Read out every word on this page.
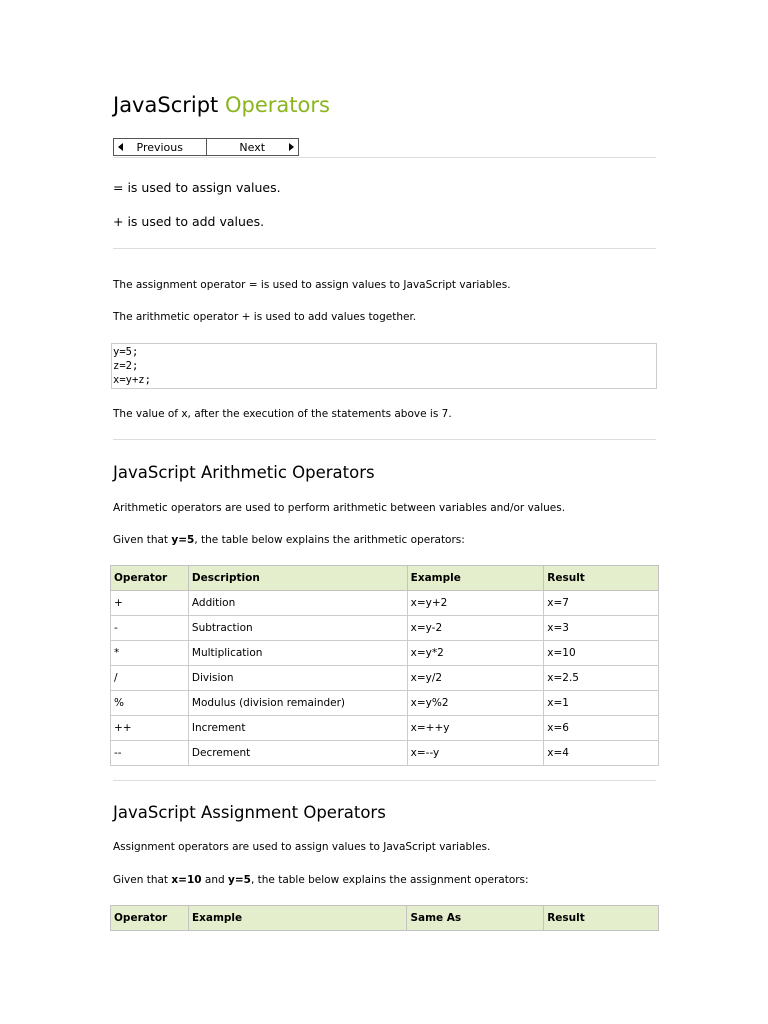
JavaScript Operators
Previous	Next
= is used to assign values.
+ is used to add values.
The assignment operator = is used to assign values to JavaScript variables.
The arithmetic operator + is used to add values together.
y=5;
z=2;
x=y+z;
The value of x, after the execution of the statements above is 7.
JavaScript Arithmetic Operators
Arithmetic operators are used to perform arithmetic between variables and/or values.
Given that y=5, the table below explains the arithmetic operators:
Operator	Description	Example	Result
+	Addition	x=y+2	x=7
-	Subtraction	x=y-2	x=3
*	Multiplication	x=y*2	x=10
/	Division	x=y/2	x=2.5
%	Modulus (division remainder)	x=y%2	x=1
++	Increment	x=++y	x=6
--	Decrement	x=--y	x=4
JavaScript Assignment Operators
Assignment operators are used to assign values to JavaScript variables.
Given that x=10 and y=5, the table below explains the assignment operators:
Operator	Example	Same As	Result
